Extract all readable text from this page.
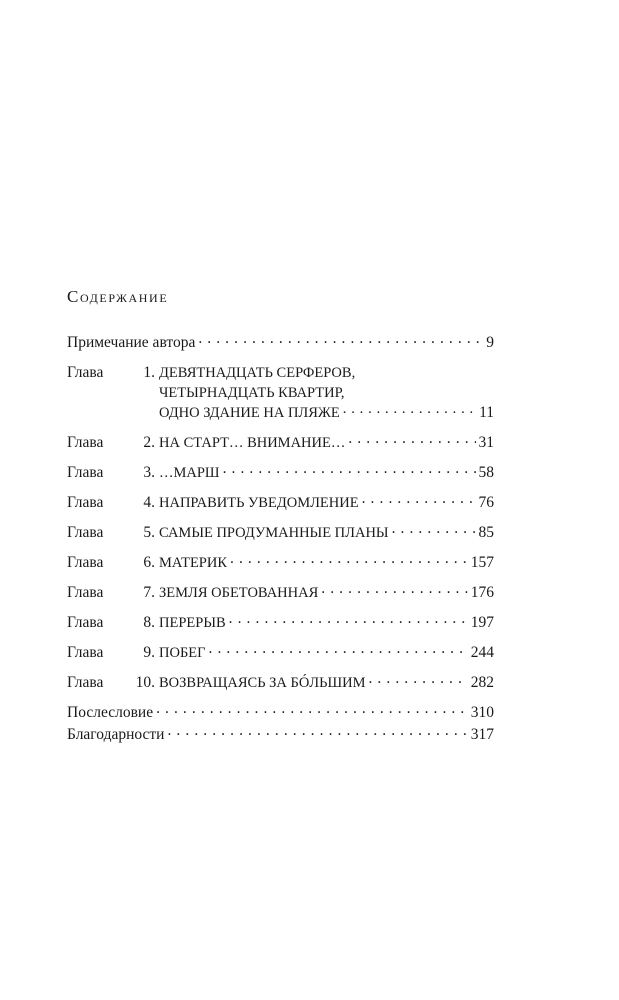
Содержание
Примечание автора . . .	9
Глава	1. ДЕВЯТНАДЦАТЬ СЕРФЕРОВ,
ЧЕТЫРНАДЦАТЬ КВАРТИР,
ОДНО ЗДАНИЕ НА ПЛЯЖЕ . . .	11
Глава	2. НА СТАРТ… ВНИМАНИЕ… . . .	31
Глава	3. …МАРШ . . .	58
Глава	4. НАПРАВИТЬ УВЕДОМЛЕНИЕ . . .	76
Глава	5. САМЫЕ ПРОДУМАННЫЕ ПЛАНЫ . . .	85
Глава	6. МАТЕРИК . . .	157
Глава	7. ЗЕМЛЯ ОБЕТОВАННАЯ . . .	176
Глава	8. ПЕРЕРЫВ . . .	197
Глава	9. ПОБЕГ . . .	244
Глава	10. ВОЗВРАЩАЯСЬ ЗА БÓЛЬШИМ . . .	282
Послесловие . . .	310
Благодарности . . .	317
